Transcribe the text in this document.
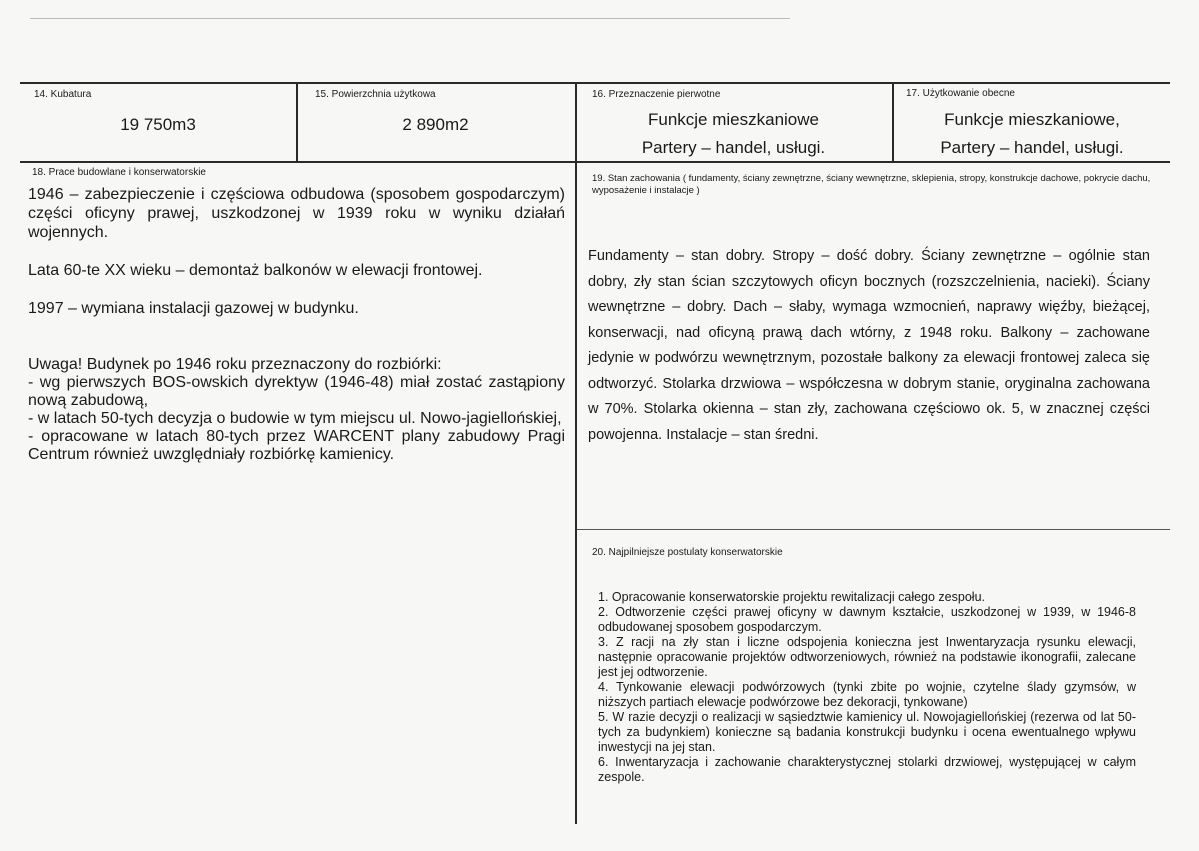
14. Kubatura
19 750m3
15. Powierzchnia użytkowa
2 890m2
16. Przeznaczenie pierwotne
Funkcje mieszkaniowe
Partery – handel, usługi.
17. Użytkowanie obecne
Funkcje mieszkaniowe,
Partery – handel, usługi.
18. Prace budowlane i konserwatorskie

1946 – zabezpieczenie i częściowa odbudowa (sposobem gospodarczym) części oficyny prawej, uszkodzonej w 1939 roku w wyniku działań wojennych.

Lata 60-te XX wieku – demontaż balkonów w elewacji frontowej.

1997 – wymiana instalacji gazowej w budynku.

Uwaga! Budynek po 1946 roku przeznaczony do rozbiórki:

- wg pierwszych BOS-owskich dyrektyw (1946-48) miał zostać zastąpiony nową zabudową,

- w latach 50-tych decyzja o budowie w tym miejscu ul. Nowo-jagiellońskiej,

- opracowane w latach 80-tych przez WARCENT plany zabudowy Pragi Centrum również uwzględniały rozbiórkę kamienicy.

19. Stan zachowania ( fundamenty, ściany zewnętrzne, ściany wewnętrzne, sklepienia, stropy, konstrukcje dachowe, pokrycie dachu, wyposażenie i instalacje )
Fundamenty – stan dobry. Stropy – dość dobry. Ściany zewnętrzne – ogólnie stan dobry, zły stan ścian szczytowych oficyn bocznych (rozszczelnienia, nacieki). Ściany wewnętrzne – dobry. Dach – słaby, wymaga wzmocnień, naprawy więźby, bieżącej, konserwacji, nad oficyną prawą dach wtórny, z 1948 roku. Balkony – zachowane jedynie w podwórzu wewnętrznym, pozostałe balkony za elewacji frontowej zaleca się odtworzyć. Stolarka drzwiowa – współczesna w dobrym stanie, oryginalna zachowana w 70%. Stolarka okienna – stan zły, zachowana częściowo ok. 5, w znacznej części powojenna. Instalacje – stan średni.
20. Najpilniejsze postulaty konserwatorskie

1. Opracowanie konserwatorskie projektu rewitalizacji całego zespołu.

2. Odtworzenie części prawej oficyny w dawnym kształcie, uszkodzonej w 1939, w 1946-8 odbudowanej sposobem gospodarczym.

3. Z racji na zły stan i liczne odspojenia konieczna jest Inwentaryzacja rysunku elewacji, następnie opracowanie projektów odtworzeniowych, również na podstawie ikonografii, zalecane jest jej odtworzenie.

4. Tynkowanie elewacji podwórzowych (tynki zbite po wojnie, czytelne ślady gzymsów, w niższych partiach elewacje podwórzowe bez dekoracji, tynkowane)

5. W razie decyzji o realizacji w sąsiedztwie kamienicy ul. Nowojagiellońskiej (rezerwa od lat 50-tych za budynkiem) konieczne są badania konstrukcji budynku i ocena ewentualnego wpływu inwestycji na jej stan.

6. Inwentaryzacja i zachowanie charakterystycznej stolarki drzwiowej, występującej w całym zespole.
